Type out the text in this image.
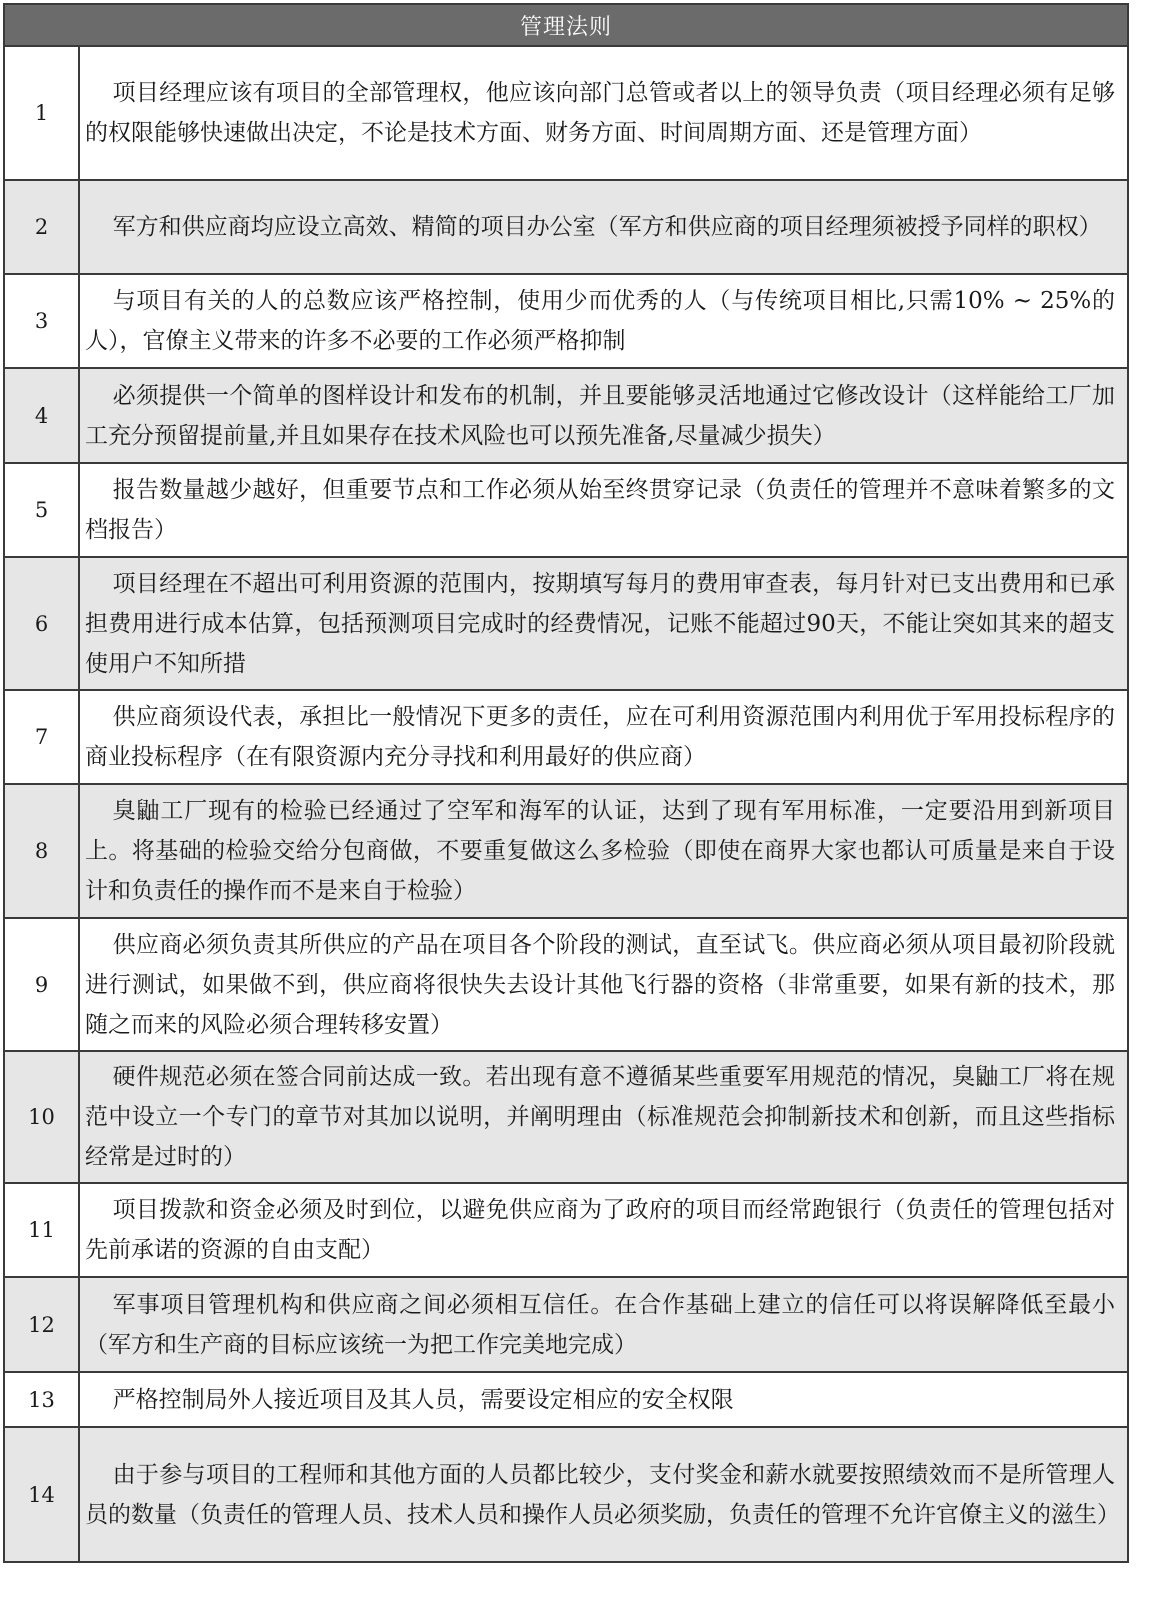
管理法则
1
项目经理应该有项目的全部管理权，他应该向部门总管或者以上的领导负责（项目经理必须有足够的权限能够快速做出决定，不论是技术方面、财务方面、时间周期方面、还是管理方面）
2	军方和供应商均应设立高效、精简的项目办公室（军方和供应商的项目经理须被授予同样的职权）
3
与项目有关的人的总数应该严格控制，使用少而优秀的人（与传统项目相比,只需10% ~ 25%的人），官僚主义带来的许多不必要的工作必须严格抑制
4
必须提供一个简单的图样设计和发布的机制，并且要能够灵活地通过它修改设计（这样能给工厂加工充分预留提前量,并且如果存在技术风险也可以预先准备,尽量减少损失）
5
报告数量越少越好，但重要节点和工作必须从始至终贯穿记录（负责任的管理并不意味着繁多的文档报告）
6
项目经理在不超出可利用资源的范围内，按期填写每月的费用审查表，每月针对已支出费用和已承担费用进行成本估算，包括预测项目完成时的经费情况，记账不能超过90天，不能让突如其来的超支使用户不知所措
7
供应商须设代表，承担比一般情况下更多的责任，应在可利用资源范围内利用优于军用投标程序的商业投标程序（在有限资源内充分寻找和利用最好的供应商）
8
臭鼬工厂现有的检验已经通过了空军和海军的认证，达到了现有军用标准，一定要沿用到新项目上。将基础的检验交给分包商做，不要重复做这么多检验（即使在商界大家也都认可质量是来自于设计和负责任的操作而不是来自于检验）
9
供应商必须负责其所供应的产品在项目各个阶段的测试，直至试飞。供应商必须从项目最初阶段就进行测试，如果做不到，供应商将很快失去设计其他飞行器的资格（非常重要，如果有新的技术，那随之而来的风险必须合理转移安置）
10
硬件规范必须在签合同前达成一致。若出现有意不遵循某些重要军用规范的情况，臭鼬工厂将在规范中设立一个专门的章节对其加以说明，并阐明理由（标准规范会抑制新技术和创新，而且这些指标经常是过时的）
11
项目拨款和资金必须及时到位，以避免供应商为了政府的项目而经常跑银行（负责任的管理包括对先前承诺的资源的自由支配）
12
军事项目管理机构和供应商之间必须相互信任。在合作基础上建立的信任可以将误解降低至最小（军方和生产商的目标应该统一为把工作完美地完成）
13	严格控制局外人接近项目及其人员，需要设定相应的安全权限
14
由于参与项目的工程师和其他方面的人员都比较少，支付奖金和薪水就要按照绩效而不是所管理人员的数量（负责任的管理人员、技术人员和操作人员必须奖励，负责任的管理不允许官僚主义的滋生）
